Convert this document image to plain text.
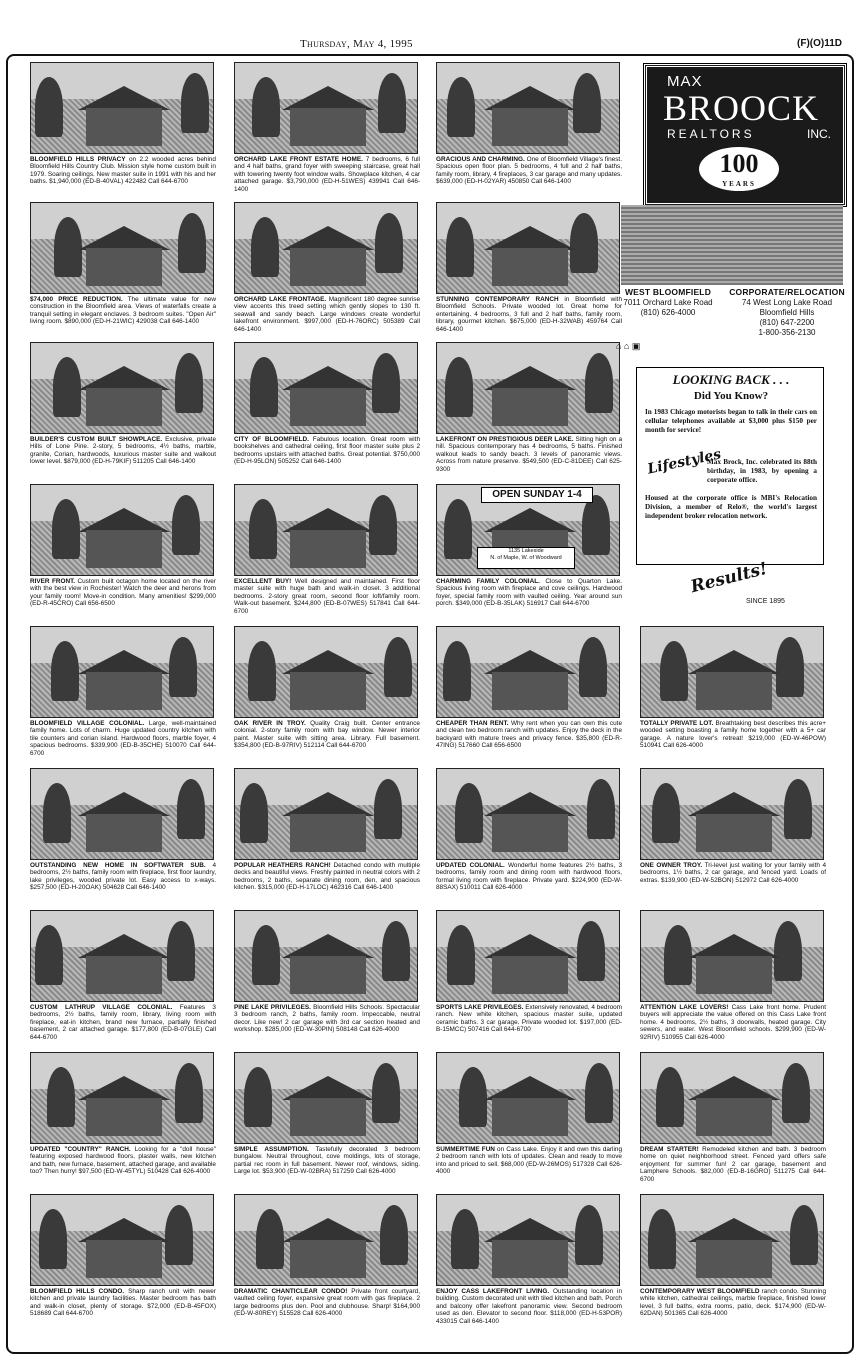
Thursday, May 4, 1995	(F)(O)11D

BLOOMFIELD HILLS PRIVACY on 2.2 wooded acres behind Bloomfield Hills Country Club. Mission style home custom built in 1979. Soaring ceilings. New master suite in 1991 with his and her baths. $1,940,000 (ED-B-40VAL) 422482 Call 644-6700

ORCHARD LAKE FRONT ESTATE HOME. 7 bedrooms, 6 full and 4 half baths, grand foyer with sweeping staircase, great hall with towering twenty foot window walls. Showplace kitchen, 4 car attached garage. $3,790,000 (ED-H-51WES) 439941 Call 646-1400

GRACIOUS AND CHARMING. One of Bloomfield Village's finest. Spacious open floor plan. 5 bedrooms, 4 full and 2 half baths, family room, library, 4 fireplaces, 3 car garage and many updates. $639,000 (ED-H-02YAR) 450850 Call 646-1400

$74,000 PRICE REDUCTION. The ultimate value for new construction in the Bloomfield area. Views of waterfalls create a tranquil setting in elegant enclaves. 3 bedroom suites. "Open Air" living room. $890,000 (ED-H-21WIC) 429038 Call 646-1400

ORCHARD LAKE FRONTAGE. Magnificent 180 degree sunrise view accents this treed setting which gently slopes to 130 ft. seawall and sandy beach. Large windows create wonderful lakefront environment. $997,000 (ED-H-76ORC) 505389 Call 646-1400

STUNNING CONTEMPORARY RANCH in Bloomfield with Bloomfield Schools. Private wooded lot. Great home for entertaining. 4 bedrooms, 3 full and 2 half baths, family room, library, gourmet kitchen. $675,000 (ED-H-32WAB) 459764 Call 646-1400

BUILDER'S CUSTOM BUILT SHOWPLACE. Exclusive, private Hills of Lone Pine. 2-story, 5 bedrooms, 4½ baths, marble, granite, Corian, hardwoods, luxurious master suite and walkout lower level. $879,000 (ED-H-79KIF) 511205 Call 646-1400

CITY OF BLOOMFIELD. Fabulous location. Great room with bookshelves and cathedral ceiling, first floor master suite plus 2 bedrooms upstairs with attached baths. Great potential. $750,000 (ED-H-95LON) 505252 Call 646-1400

LAKEFRONT ON PRESTIGIOUS DEER LAKE. Sitting high on a hill. Spacious contemporary has 4 bedrooms, 5 baths. Finished walkout leads to sandy beach. 3 levels of panoramic views. Across from nature preserve. $549,500 (ED-C-81DEE) Call 625-9300

RIVER FRONT. Custom built octagon home located on the river with the best view in Rochester! Watch the deer and herons from your family room! Move-in condition. Many amenities! $299,000 (ED-R-45CRO) Call 656-6500

EXCELLENT BUY! Well designed and maintained. First floor master suite with huge bath and walk-in closet. 3 additional bedrooms. 2-story great room, second floor loft/family room. Walk-out basement. $244,800 (ED-B-07WES) 517841 Call 644-6700

OPEN SUNDAY 1-4
1135 Lakeside
N. of Maple, W. of Woodward

CHARMING FAMILY COLONIAL. Close to Quarton Lake. Spacious living room with fireplace and cove ceilings. Hardwood foyer, special family room with vaulted ceiling. Year around sun porch. $349,000 (ED-B-35LAK) 516917 Call 644-6700

BLOOMFIELD VILLAGE COLONIAL. Large, well-maintained family home. Lots of charm. Huge updated country kitchen with tile counters and corian island. Hardwood floors, marble foyer, 4 spacious bedrooms. $339,900 (ED-B-35CHE) 510070 Call 644-6700

OAK RIVER IN TROY. Quality Craig built. Center entrance colonial. 2-story family room with bay window. Newer interior paint. Master suite with sitting area. Library. Full basement. $354,800 (ED-B-97RIV) 512114 Call 644-6700

CHEAPER THAN RENT. Why rent when you can own this cute and clean two bedroom ranch with updates. Enjoy the deck in the backyard with mature trees and privacy fence. $35,800 (ED-R-47ING) 517660 Call 656-6500

TOTALLY PRIVATE LOT. Breathtaking best describes this acre+ wooded setting boasting a family home together with a 5+ car garage. A nature lover's retreat! $219,000 (ED-W-46POW) 510941 Call 626-4000

OUTSTANDING NEW HOME IN SOFTWATER SUB. 4 bedrooms, 2½ baths, family room with fireplace, first floor laundry, lake privileges, wooded private lot. Easy access to x-ways. $257,500 (ED-H-20OAK) 504628 Call 646-1400

POPULAR HEATHERS RANCH! Detached condo with multiple decks and beautiful views. Freshly painted in neutral colors with 2 bedrooms, 2 baths, separate dining room, den, and spacious kitchen. $315,000 (ED-H-17LOC) 462316 Call 646-1400

UPDATED COLONIAL. Wonderful home features 2½ baths, 3 bedrooms, family room and dining room with hardwood floors, formal living room with fireplace. Private yard. $224,900 (ED-W-88SAX) 510011 Call 626-4000

ONE OWNER TROY. Tri-level just waiting for your family with 4 bedrooms, 1½ baths, 2 car garage, and fenced yard. Loads of extras. $139,900 (ED-W-52BON) 512972 Call 626-4000

CUSTOM LATHRUP VILLAGE COLONIAL. Features 3 bedrooms, 2½ baths, family room, library, living room with fireplace, eat-in kitchen, brand new furnace, partially finished basement, 2 car attached garage. $177,800 (ED-B-07GLE) Call 644-6700

PINE LAKE PRIVILEGES. Bloomfield Hills Schools. Spectacular 3 bedroom ranch, 2 baths, family room. Impeccable, neutral decor. Like new! 2 car garage with 3rd car section heated and workshop. $285,000 (ED-W-30PIN) 508148 Call 626-4000

SPORTS LAKE PRIVILEGES. Extensively renovated, 4 bedroom ranch. New white kitchen, spacious master suite, updated ceramic baths. 3 car garage. Private wooded lot. $197,000 (ED-B-15MCC) 507416 Call 644-6700

ATTENTION LAKE LOVERS! Cass Lake front home. Prudent buyers will appreciate the value offered on this Cass Lake front home. 4 bedrooms, 2½ baths, 3 doorwalls, heated garage. City sewers, and water. West Bloomfield schools. $299,900 (ED-W-92RIV) 510955 Call 626-4000

UPDATED "COUNTRY" RANCH. Looking for a "doll house" featuring exposed hardwood floors, plaster walls, new kitchen and bath, new furnace, basement, attached garage, and available too? Then hurry! $97,500 (ED-W-45TYL) 510428 Call 626-4000

SIMPLE ASSUMPTION. Tastefully decorated 3 bedroom bungalow. Neutral throughout, cove moldings, lots of storage, partial rec room in full basement. Newer roof, windows, siding. Large lot. $53,900 (ED-W-02BRA) 517259 Call 626-4000

SUMMERTIME FUN on Cass Lake. Enjoy it and own this darling 2 bedroom ranch with lots of updates. Clean and ready to move into and priced to sell. $68,000 (ED-W-26MOS) 517328 Call 626-4000

DREAM STARTER! Remodeled kitchen and bath. 3 bedroom home on quiet neighborhood street. Fenced yard offers safe enjoyment for summer fun! 2 car garage, basement and Lamphere Schools. $82,000 (ED-B-16GRO) 511275 Call 644-6700

BLOOMFIELD HILLS CONDO. Sharp ranch unit with newer kitchen and private laundry facilities. Master bedroom has bath and walk-in closet, plenty of storage. $72,000 (ED-B-45FOX) 518689 Call 644-6700

DRAMATIC CHANTICLEAR CONDO! Private front courtyard, vaulted ceiling foyer, expansive great room with gas fireplace. 2 large bedrooms plus den. Pool and clubhouse. Sharp! $164,900 (ED-W-80REY) 515528 Call 626-4000

ENJOY CASS LAKEFRONT LIVING. Outstanding location in building. Custom decorated unit with tiled kitchen and bath. Porch and balcony offer lakefront panoramic view. Second bedroom used as den. Elevator to second floor. $118,000 (ED-H-53POR) 433015 Call 646-1400

CONTEMPORARY WEST BLOOMFIELD ranch condo. Stunning white kitchen, cathedral ceilings, marble fireplace, finished lower level, 3 full baths, extra rooms, patio, deck. $174,900 (ED-W-62DAN) 501365 Call 626-4000

MAX
BROOCK
REALTORS	INC.
100
YEARS
WEST BLOOMFIELD
7011 Orchard Lake Road
(810) 626-4000
CORPORATE/RELOCATION
74 West Long Lake Road
Bloomfield Hills
(810) 647-2200
1-800-356-2130
⌂ ⌂ ▣
LOOKING BACK . . .
Did You Know?
In 1983 Chicago motorists began to talk in their cars on cellular telephones available at $3,000 plus $150 per month for service!
Lifestyles
Max Brock, Inc. celebrated its 88th birthday, in 1983, by opening a corporate office.
Housed at the corporate office is MBI's Relocation Division, a member of Relo®, the world's largest independent broker relocation network.
Results!
SINCE 1895
